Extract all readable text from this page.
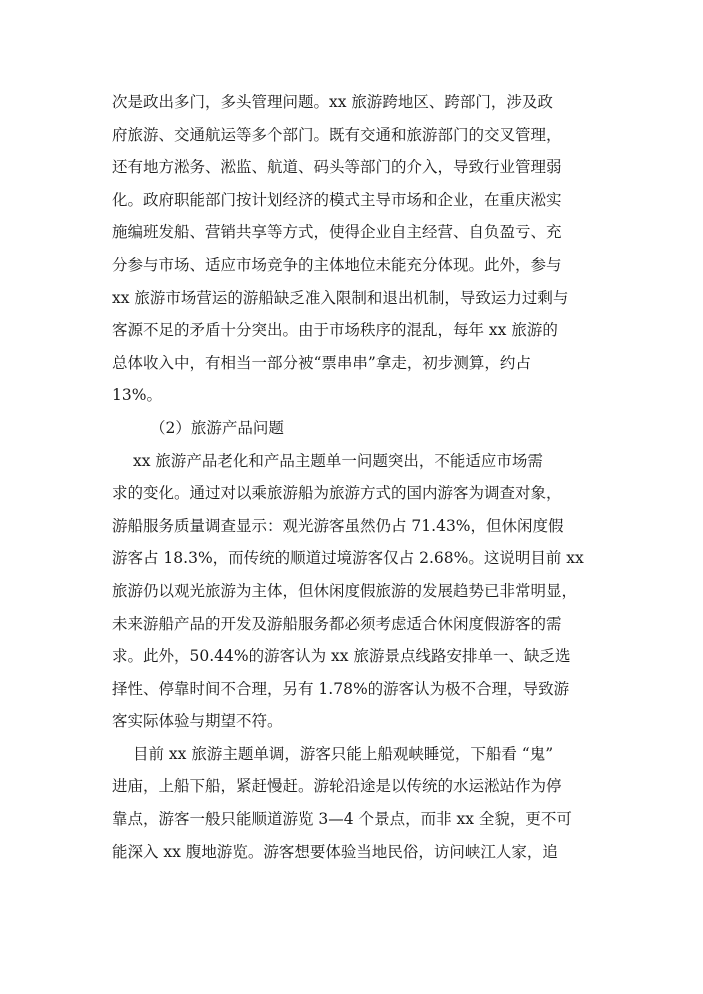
次是政出多门，多头管理问题。xx 旅游跨地区、跨部门，涉及政
府旅游、交通航运等多个部门。既有交通和旅游部门的交叉管理，
还有地方淞务、淞监、航道、码头等部门的介入，导致行业管理弱
化。政府职能部门按计划经济的模式主导市场和企业，在重庆淞实
施编班发船、营销共享等方式，使得企业自主经营、自负盈亏、充
分参与市场、适应市场竞争的主体地位未能充分体现。此外，参与
xx 旅游市场营运的游船缺乏准入限制和退出机制，导致运力过剩与
客源不足的矛盾十分突出。由于市场秩序的混乱，每年 xx 旅游的
总体收入中，有相当一部分被“票串串”拿走，初步测算，约占
13%。
（2）旅游产品问题
xx 旅游产品老化和产品主题单一问题突出，不能适应市场需
求的变化。通过对以乘旅游船为旅游方式的国内游客为调查对象，
游船服务质量调查显示：观光游客虽然仍占 71.43%，但休闲度假
游客占 18.3%，而传统的顺道过境游客仅占 2.68%。这说明目前 xx
旅游仍以观光旅游为主体，但休闲度假旅游的发展趋势已非常明显，
未来游船产品的开发及游船服务都必须考虑适合休闲度假游客的需
求。此外，50.44%的游客认为 xx 旅游景点线路安排单一、缺乏选
择性、停靠时间不合理，另有 1.78%的游客认为极不合理，导致游
客实际体验与期望不符。
目前 xx 旅游主题单调，游客只能上船观峡睡觉，下船看 “鬼”
进庙，上船下船，紧赶慢赶。游轮沿途是以传统的水运淞站作为停
靠点，游客一般只能顺道游览 3—4 个景点，而非 xx 全貌，更不可
能深入 xx 腹地游览。游客想要体验当地民俗，访问峡江人家，追
